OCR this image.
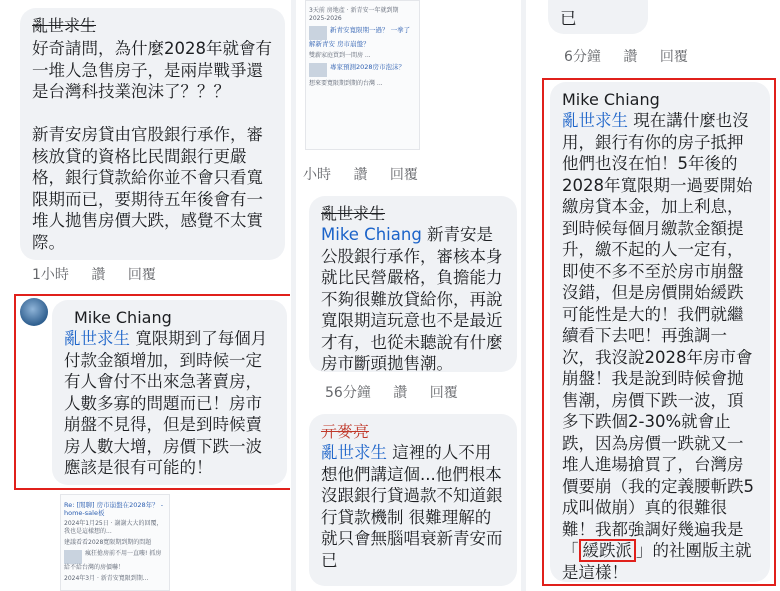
亂世求生
好奇請問，為什麼2028年就會有一堆人急售房子，是兩岸戰爭還是台灣科技業泡沫了？？？

新青安房貸由官股銀行承作，審核放貸的資格比民間銀行更嚴格，銀行貸款給你並不會只看寬限期而已，要期待五年後會有一堆人拋售房價大跌，感覺不太實際。
1小時 讚 回覆
Mike Chiang
亂世求生 寬限期到了每個月付款金額增加，到時候一定有人會付不出來急著賣房，人數多寡的問題而已！房市崩盤不見得，但是到時候賣房人數大增，房價下跌一波應該是很有可能的！
Re: [閒聊] 房市崩盤在2028年？ - home-sale板
2024年1月25日 · 謝謝大大的回覆，我也是這樣想的...
建議看看2028寬限期到期的問題
瘋狂搶房前不用一直嘍! 抓房給不給台灣的房價嚇！
2024年3月 · 新青安寬限到期...
3天前 房地產 · 新青安一年就到期 2025-2026
新青安寬限期一過？ 一拳了解新青安 房市崩盤？
雙薪家庭買到一間房 ...
專家預測2028房市泡沫？
想來要寬限期到期的台灣 ...
小時 讚 回覆
亂世求生
Mike Chiang 新青安是公股銀行承作，審核本身就比民營嚴格，負擔能力不夠很難放貸給你，再說寬限期這玩意也不是最近才有，也從未聽說有什麼房市斷頭拋售潮。
56分鐘 讚 回覆
亓麥亮
亂世求生 這裡的人不用想他們講這個...他們根本沒跟銀行貸過款不知道銀行貸款機制 很難理解的就只會無腦唱衰新青安而已
已
6分鐘 讚 回覆
Mike Chiang
亂世求生 現在講什麼也沒用，銀行有你的房子抵押他們也沒在怕！5年後的2028年寬限期一過要開始繳房貸本金，加上利息，到時候每個月繳款金額提升，繳不起的人一定有，即使不多不至於房市崩盤沒錯，但是房價開始緩跌可能性是大的！我們就繼續看下去吧！再強調一次，我沒說2028年房市會崩盤！我是說到時候會抛售潮，房價下跌一波，頂多下跌個2-30%就會止跌，因為房價一跌就又一堆人進場搶買了，台灣房價要崩（我的定義腰斬跌5成叫做崩）真的很難很難！我都強調好幾遍我是「 緩跌派 」的社團版主就是這樣！
